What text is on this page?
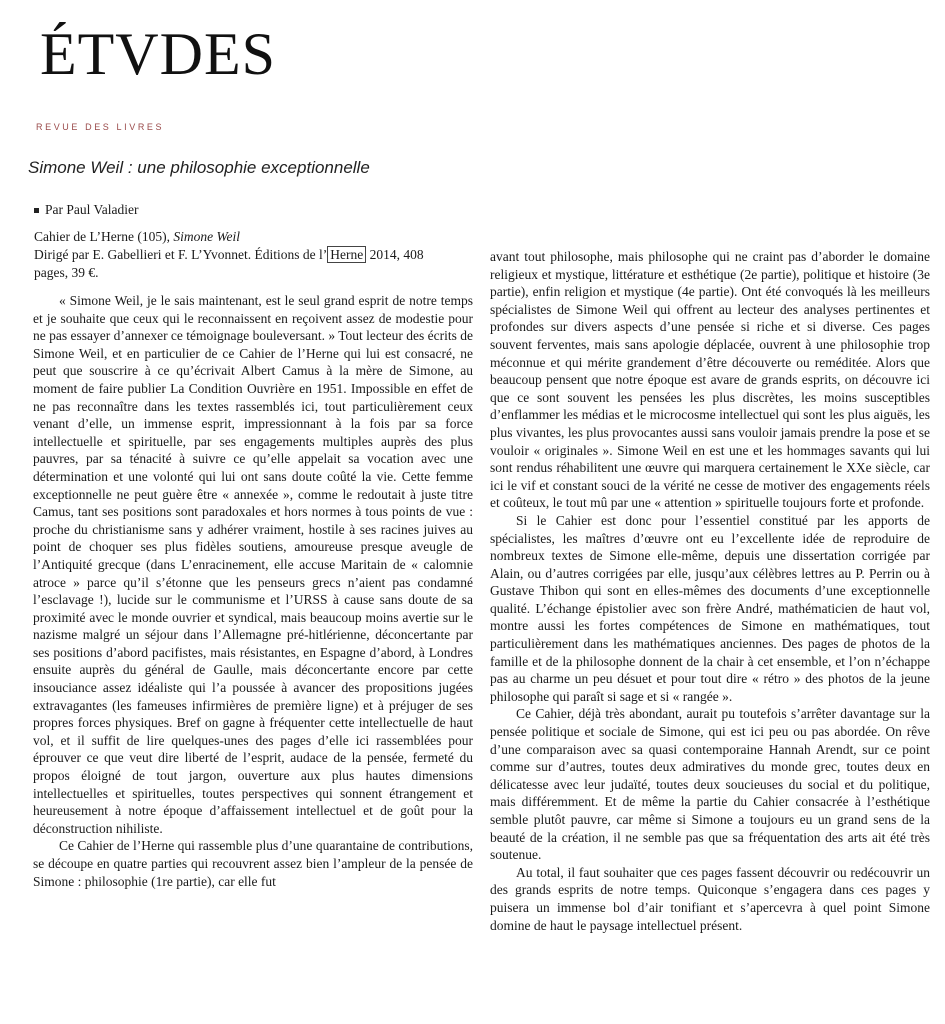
ÉTVDES
REVUE DES LIVRES
Simone Weil : une philosophie exceptionnelle
Par Paul Valadier
Cahier de L’Herne (105), Simone Weil
Dirigé par E. Gabellieri et F. L’Yvonnet. Éditions de l’ Herne 2014, 408
pages, 39 €.

« Simone Weil, je le sais maintenant, est le seul grand esprit de notre temps et je souhaite que ceux qui le reconnaissent en reçoivent assez de modestie pour ne pas essayer d’annexer ce témoignage bouleversant. » Tout lecteur des écrits de Simone Weil, et en particulier de ce Cahier de l’Herne qui lui est consacré, ne peut que souscrire à ce qu’écrivait Albert Camus à la mère de Simone, au moment de faire publier La Condition Ouvrière en 1951. Impossible en effet de ne pas reconnaître dans les textes rassemblés ici, tout particulièrement ceux venant d’elle, un immense esprit, impressionnant à la fois par sa force intellectuelle et spirituelle, par ses engagements multiples auprès des plus pauvres, par sa ténacité à suivre ce qu’elle appelait sa vocation avec une détermination et une volonté qui lui ont sans doute coûté la vie. Cette femme exceptionnelle ne peut guère être « annexée », comme le redoutait à juste titre Camus, tant ses positions sont paradoxales et hors normes à tous points de vue : proche du christianisme sans y adhérer vraiment, hostile à ses racines juives au point de choquer ses plus fidèles soutiens, amoureuse presque aveugle de l’Antiquité grecque (dans L’enracinement, elle accuse Maritain de « calomnie atroce » parce qu’il s’étonne que les penseurs grecs n’aient pas condamné l’esclavage !), lucide sur le communisme et l’URSS à cause sans doute de sa proximité avec le monde ouvrier et syndical, mais beaucoup moins avertie sur le nazisme malgré un séjour dans l’Allemagne pré-hitlérienne, déconcertante par ses positions d’abord pacifistes, mais résistantes, en Espagne d’abord, à Londres ensuite auprès du général de Gaulle, mais déconcertante encore par cette insouciance assez idéaliste qui l’a poussée à avancer des propositions jugées extravagantes (les fameuses infirmières de première ligne) et à préjuger de ses propres forces physiques. Bref on gagne à fréquenter cette intellectuelle de haut vol, et il suffit de lire quelques-unes des pages d’elle ici rassemblées pour éprouver ce que veut dire liberté de l’esprit, audace de la pensée, fermeté du propos éloigné de tout jargon, ouverture aux plus hautes dimensions intellectuelles et spirituelles, toutes perspectives qui sonnent étrangement et heureusement à notre époque d’affaissement intellectuel et de goût pour la déconstruction nihiliste.

Ce Cahier de l’Herne qui rassemble plus d’une quarantaine de contributions, se découpe en quatre parties qui recouvrent assez bien l’ampleur de la pensée de Simone : philosophie (1re partie), car elle fut

avant tout philosophe, mais philosophe qui ne craint pas d’aborder le domaine religieux et mystique, littérature et esthétique (2e partie), politique et histoire (3e partie), enfin religion et mystique (4e partie). Ont été convoqués là les meilleurs spécialistes de Simone Weil qui offrent au lecteur des analyses pertinentes et profondes sur divers aspects d’une pensée si riche et si diverse. Ces pages souvent ferventes, mais sans apologie déplacée, ouvrent à une philosophie trop méconnue et qui mérite grandement d’être découverte ou reméditée. Alors que beaucoup pensent que notre époque est avare de grands esprits, on découvre ici que ce sont souvent les pensées les plus discrètes, les moins susceptibles d’enflammer les médias et le microcosme intellectuel qui sont les plus aiguës, les plus vivantes, les plus provocantes aussi sans vouloir jamais prendre la pose et se vouloir « originales ». Simone Weil en est une et les hommages savants qui lui sont rendus réhabilitent une œuvre qui marquera certainement le XXe siècle, car ici le vif et constant souci de la vérité ne cesse de motiver des engagements réels et coûteux, le tout mû par une « attention » spirituelle toujours forte et profonde.

Si le Cahier est donc pour l’essentiel constitué par les apports de spécialistes, les maîtres d’œuvre ont eu l’excellente idée de reproduire de nombreux textes de Simone elle-même, depuis une dissertation corrigée par Alain, ou d’autres corrigées par elle, jusqu’aux célèbres lettres au P. Perrin ou à Gustave Thibon qui sont en elles-mêmes des documents d’une exceptionnelle qualité. L’échange épistolier avec son frère André, mathématicien de haut vol, montre aussi les fortes compétences de Simone en mathématiques, tout particulièrement dans les mathématiques anciennes. Des pages de photos de la famille et de la philosophe donnent de la chair à cet ensemble, et l’on n’échappe pas au charme un peu désuet et pour tout dire « rétro » des photos de la jeune philosophe qui paraît si sage et si « rangée ».

Ce Cahier, déjà très abondant, aurait pu toutefois s’arrêter davantage sur la pensée politique et sociale de Simone, qui est ici peu ou pas abordée. On rêve d’une comparaison avec sa quasi contemporaine Hannah Arendt, sur ce point comme sur d’autres, toutes deux admiratives du monde grec, toutes deux en délicatesse avec leur judaïté, toutes deux soucieuses du social et du politique, mais différemment. Et de même la partie du Cahier consacrée à l’esthétique semble plutôt pauvre, car même si Simone a toujours eu un grand sens de la beauté de la création, il ne semble pas que sa fréquentation des arts ait été très soutenue.

Au total, il faut souhaiter que ces pages fassent découvrir ou redécouvrir un des grands esprits de notre temps. Quiconque s’engagera dans ces pages y puisera un immense bol d’air tonifiant et s’apercevra à quel point Simone domine de haut le paysage intellectuel présent.
